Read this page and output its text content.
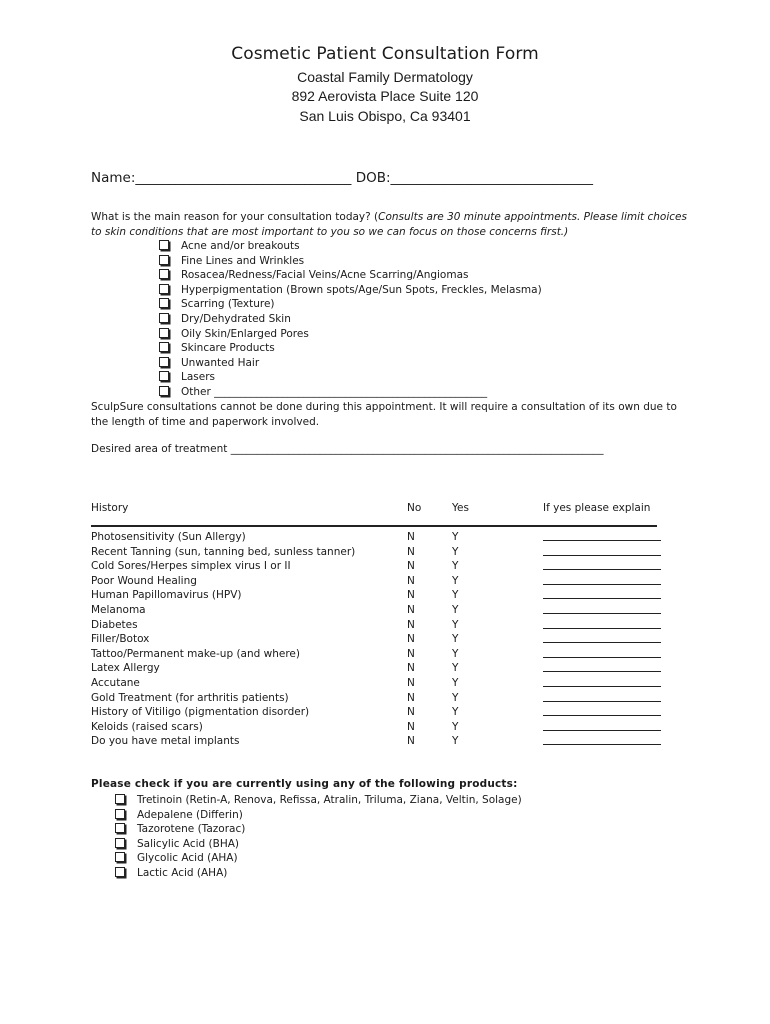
Cosmetic Patient Consultation Form
Coastal Family Dermatology
892 Aerovista Place Suite 120
San Luis Obispo, Ca 93401
Name:________________________________ DOB:______________________________
What is the main reason for your consultation today? (Consults are 30 minute appointments. Please limit choices to skin conditions that are most important to you so we can focus on those concerns first.)
Acne and/or breakouts
Fine Lines and Wrinkles
Rosacea/Redness/Facial Veins/Acne Scarring/Angiomas
Hyperpigmentation (Brown spots/Age/Sun Spots, Freckles, Melasma)
Scarring (Texture)
Dry/Dehydrated Skin
Oily Skin/Enlarged Pores
Skincare Products
Unwanted Hair
Lasers
Other ____________________________________________________
SculpSure consultations cannot be done during this appointment. It will require a consultation of its own due to the length of time and paperwork involved.
Desired area of treatment _______________________________________________________________________
History	No	Yes	If yes please explain
Photosensitivity (Sun Allergy)	N	Y
Recent Tanning (sun, tanning bed, sunless tanner)	N	Y
Cold Sores/Herpes simplex virus I or II	N	Y
Poor Wound Healing	N	Y
Human Papillomavirus (HPV)	N	Y
Melanoma	N	Y
Diabetes	N	Y
Filler/Botox	N	Y
Tattoo/Permanent make-up (and where)	N	Y
Latex Allergy	N	Y
Accutane	N	Y
Gold Treatment (for arthritis patients)	N	Y
History of Vitiligo (pigmentation disorder)	N	Y
Keloids (raised scars)	N	Y
Do you have metal implants	N	Y
Please check if you are currently using any of the following products:
Tretinoin (Retin-A, Renova, Refissa, Atralin, Triluma, Ziana, Veltin, Solage)
Adepalene (Differin)
Tazorotene (Tazorac)
Salicylic Acid (BHA)
Glycolic Acid (AHA)
Lactic Acid (AHA)
